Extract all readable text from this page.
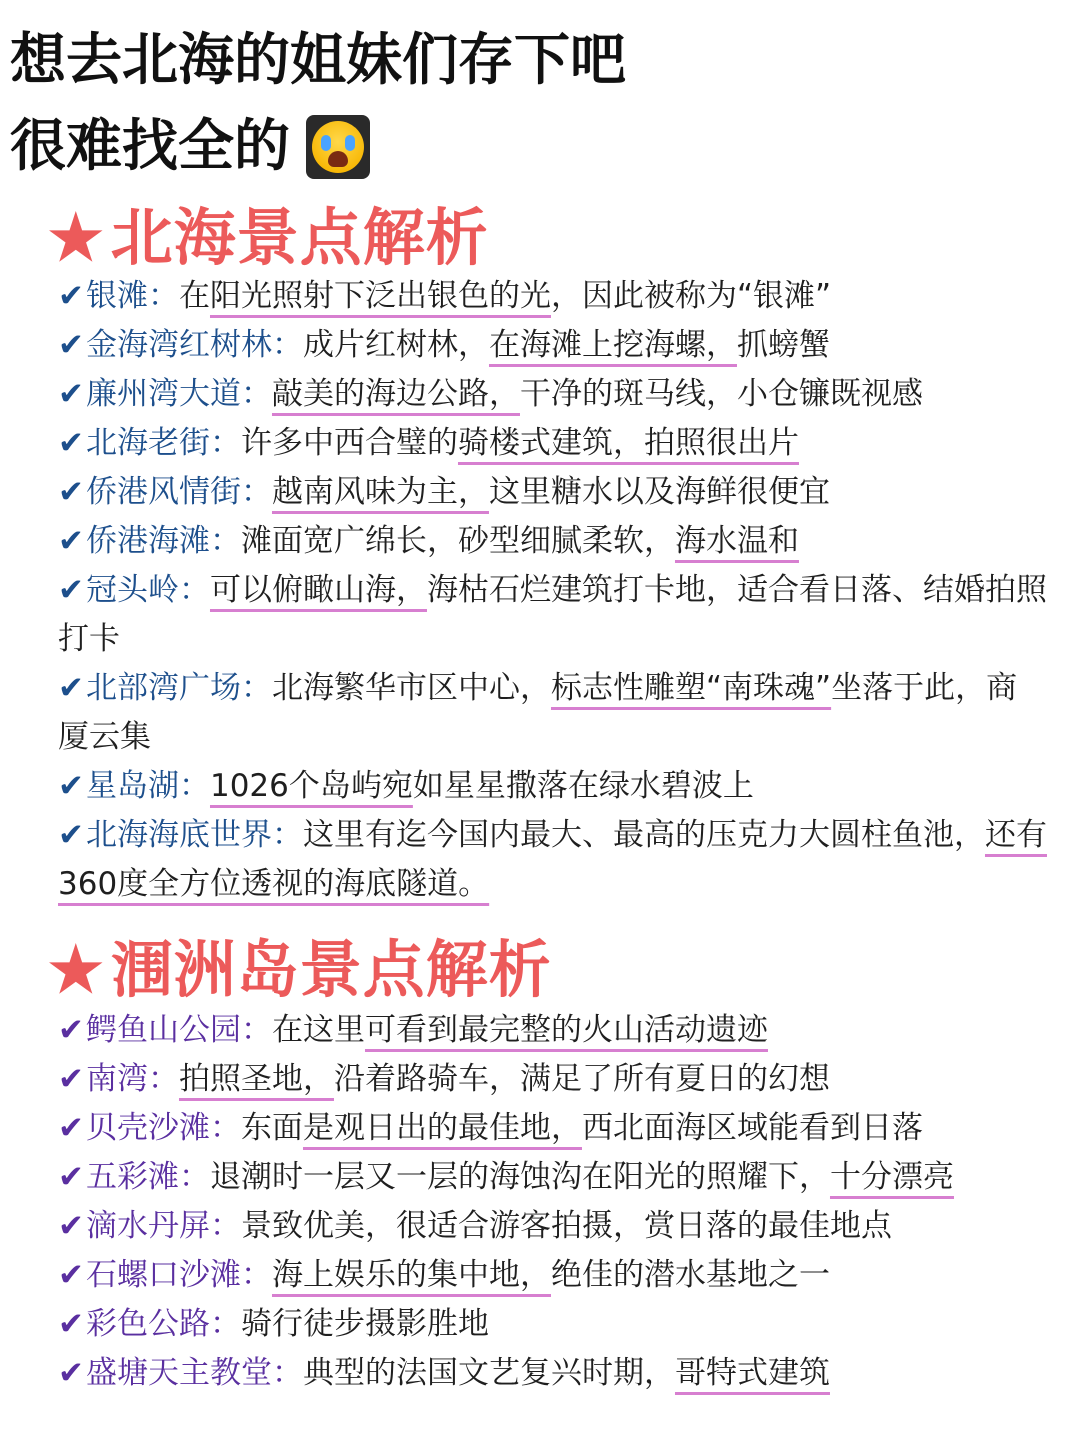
想去北海的姐妹们存下吧
很难找全的
★北海景点解析
✔银滩：在阳光照射下泛出银色的光，因此被称为“银滩”
✔金海湾红树林：成片红树林，在海滩上挖海螺，抓螃蟹
✔廉州湾大道：敲美的海边公路，干净的斑马线，小仓镰既视感
✔北海老街：许多中西合璧的骑楼式建筑，拍照很出片
✔侨港风情街：越南风味为主，这里糖水以及海鲜很便宜
✔侨港海滩：滩面宽广绵长，砂型细腻柔软，海水温和
✔冠头岭：可以俯瞰山海，海枯石烂建筑打卡地，适合看日落、结婚拍照打卡
✔北部湾广场：北海繁华市区中心，标志性雕塑“南珠魂”坐落于此，商厦云集
✔星岛湖：1026个岛屿宛如星星撒落在绿水碧波上
✔北海海底世界：这里有迄今国内最大、最高的压克力大圆柱鱼池，还有360度全方位透视的海底隧道。
★涠洲岛景点解析
✔鳄鱼山公园：在这里可看到最完整的火山活动遗迹
✔南湾：拍照圣地，沿着路骑车，满足了所有夏日的幻想
✔贝壳沙滩：东面是观日出的最佳地，西北面海区域能看到日落
✔五彩滩：退潮时一层又一层的海蚀沟在阳光的照耀下，十分漂亮
✔滴水丹屏：景致优美，很适合游客拍摄，赏日落的最佳地点
✔石螺口沙滩：海上娱乐的集中地，绝佳的潜水基地之一
✔彩色公路：骑行徒步摄影胜地
✔盛塘天主教堂：典型的法国文艺复兴时期，哥特式建筑
